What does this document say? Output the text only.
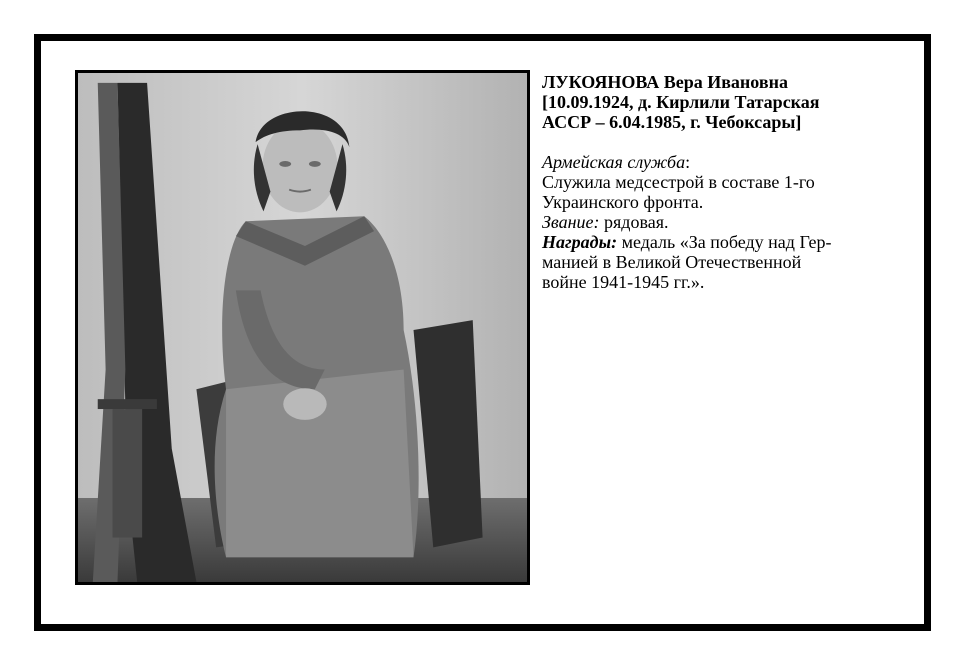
ЛУКОЯНОВА Вера Ивановна
[10.09.1924, д. Кирлили Татарская
АССР – 6.04.1985, г. Чебоксары]
Армейская служба:
Служила медсестрой в составе 1-го
Украинского фронта.
Звание: рядовая.
Награды: медаль «За победу над Гер-
манией в Великой Отечественной
войне 1941-1945 гг.».
